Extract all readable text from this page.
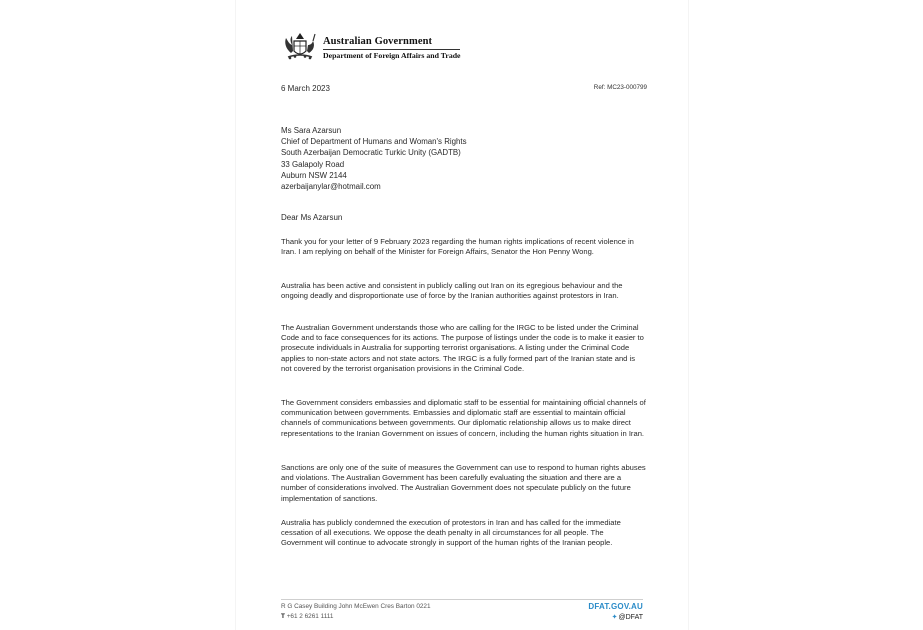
Australian Government
Department of Foreign Affairs and Trade
6 March 2023	Ref: MC23-000799
Ms Sara Azarsun
Chief of Department of Humans and Woman's Rights
South Azerbaijan Democratic Turkic Unity (GADTB)
33 Galapoly Road
Auburn NSW 2144
azerbaijanylar@hotmail.com
Dear Ms Azarsun

Thank you for your letter of 9 February 2023 regarding the human rights implications of recent violence in Iran. I am replying on behalf of the Minister for Foreign Affairs, Senator the Hon Penny Wong.

Australia has been active and consistent in publicly calling out Iran on its egregious behaviour and the ongoing deadly and disproportionate use of force by the Iranian authorities against protestors in Iran.

The Australian Government understands those who are calling for the IRGC to be listed under the Criminal Code and to face consequences for its actions. The purpose of listings under the code is to make it easier to prosecute individuals in Australia for supporting terrorist organisations. A listing under the Criminal Code applies to non-state actors and not state actors. The IRGC is a fully formed part of the Iranian state and is not covered by the terrorist organisation provisions in the Criminal Code.

The Government considers embassies and diplomatic staff to be essential for maintaining official channels of communication between governments. Embassies and diplomatic staff are essential to maintain official channels of communications between governments. Our diplomatic relationship allows us to make direct representations to the Iranian Government on issues of concern, including the human rights situation in Iran.

Sanctions are only one of the suite of measures the Government can use to respond to human rights abuses and violations. The Australian Government has been carefully evaluating the situation and there are a number of considerations involved. The Australian Government does not speculate publicly on the future implementation of sanctions.

Australia has publicly condemned the execution of protestors in Iran and has called for the immediate cessation of all executions. We oppose the death penalty in all circumstances for all people. The Government will continue to advocate strongly in support of the human rights of the Iranian people.

R G Casey Building John McEwen Cres Barton 0221
T +61 2 6261 1111
DFAT.GOV.AU
✦@DFAT
